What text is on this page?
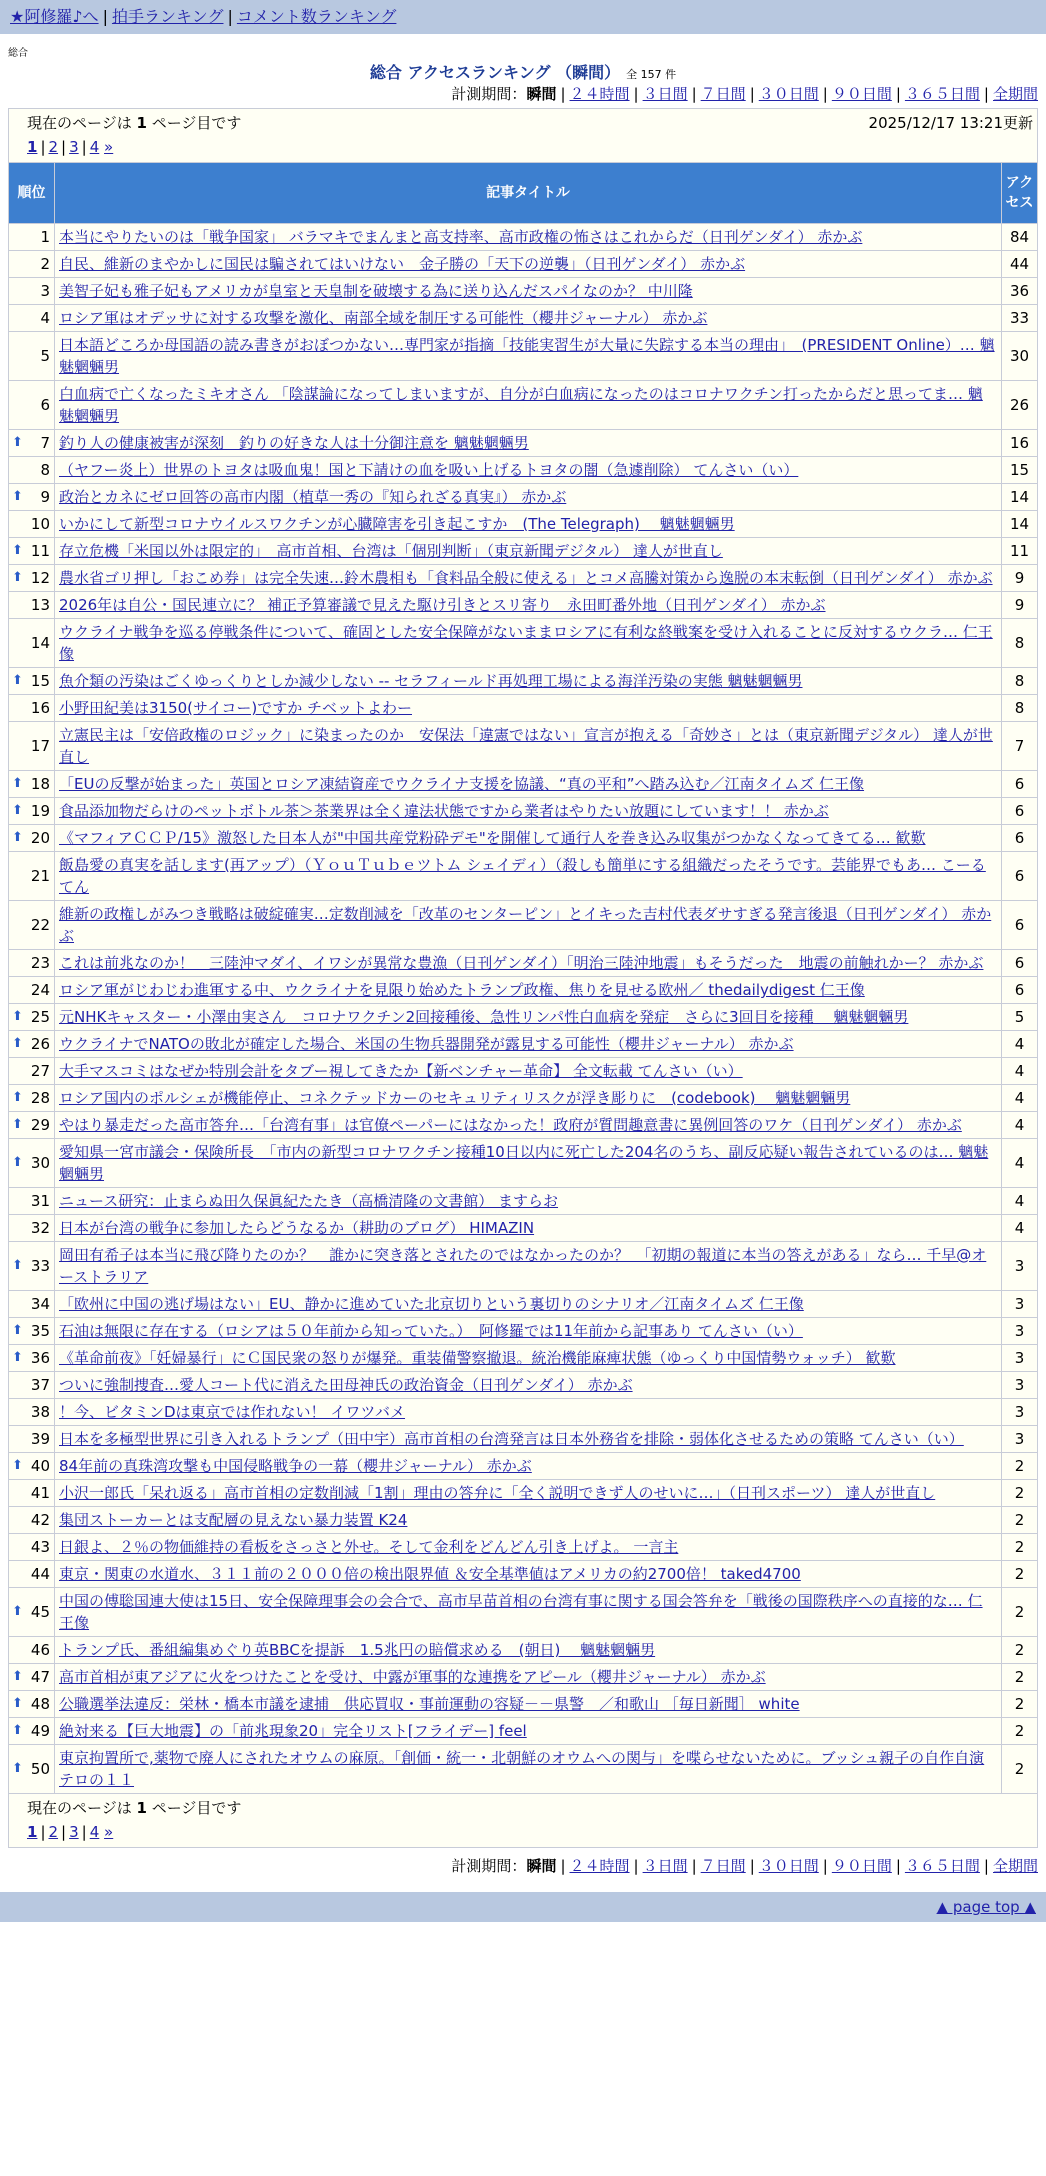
★阿修羅♪へ | 拍手ランキング | コメント数ランキング
総合
総合 アクセスランキング （瞬間） 全 157 件
計測期間：瞬間 | ２４時間 | ３日間 | ７日間 | ３０日間 | ９０日間 | ３６５日間 | 全期間
現在のページは 1 ページ目です	2025/12/17 13:21更新
1 | 2 | 3 | 4 »
順位	記事タイトル	アクセス
1	本当にやりたいのは「戦争国家」 バラマキでまんまと高支持率、高市政権の怖さはこれからだ（日刊ゲンダイ） 赤かぶ	84
2	自民、維新のまやかしに国民は騙されてはいけない　金子勝の「天下の逆襲」（日刊ゲンダイ） 赤かぶ	44
3	美智子妃も雅子妃もアメリカが皇室と天皇制を破壊する為に送り込んだスパイなのか？ 中川隆	36
4	ロシア軍はオデッサに対する攻撃を激化、南部全域を制圧する可能性（櫻井ジャーナル） 赤かぶ	33
5	日本語どころか母国語の読み書きがおぼつかない…専門家が指摘「技能実習生が大量に失踪する本当の理由」　(PRESIDENT Online）… 魑魅魍魎男	30
6	白血病で亡くなったミキオさん 「陰謀論になってしまいますが、自分が白血病になったのはコロナワクチン打ったからだと思ってま… 魑魅魍魎男	26

⬆ 7	釣り人の健康被害が深刻　釣りの好きな人は十分御注意を 魑魅魍魎男	16
8	（ヤフー炎上）世界のトヨタは吸血鬼！国と下請けの血を吸い上げるトヨタの闇（急遽削除） てんさい（い）	15

⬆ 9	政治とカネにゼロ回答の高市内閣（植草一秀の『知られざる真実』） 赤かぶ	14
10	いかにして新型コロナウイルスワクチンが心臓障害を引き起こすか　(The Telegraph)　 魑魅魍魎男	14

⬆ 11	存立危機「米国以外は限定的」　高市首相、台湾は「個別判断」（東京新聞デジタル） 達人が世直し	11

⬆ 12	農水省ゴリ押し「おこめ券」は完全失速…鈴木農相も「食料品全般に使える」とコメ高騰対策から逸脱の本末転倒（日刊ゲンダイ） 赤かぶ	9
13	2026年は自公・国民連立に？ 補正予算審議で見えた駆け引きとスリ寄り　永田町番外地（日刊ゲンダイ） 赤かぶ	9
14	ウクライナ戦争を巡る停戦条件について、確固とした安全保障がないままロシアに有利な終戦案を受け入れることに反対するウクラ… 仁王像	8

⬆ 15	魚介類の汚染はごくゆっくりとしか減少しない -- セラフィールド再処理工場による海洋汚染の実態 魑魅魍魎男	8
16	小野田紀美は3150(サイコー)ですか チベットよわー	8
17	立憲民主は「安倍政権のロジック」に染まったのか　安保法「違憲ではない」宣言が抱える「奇妙さ」とは（東京新聞デジタル） 達人が世直し	7

⬆ 18	「EUの反撃が始まった」英国とロシア凍結資産でウクライナ支援を協議、“真の平和”へ踏み込む／江南タイムズ 仁王像	6

⬆ 19	食品添加物だらけのペットボトル茶＞茶業界は全く違法状態ですから業者はやりたい放題にしています！！ 赤かぶ	6

⬆ 20	《マフィアＣＣＰ/15》激怒した日本人が"中国共産党粉砕デモ"を開催して通行人を巻き込み収集がつかなくなってきてる… 歓歎	6
21	飯島愛の真実を話します(再アップ）（ＹｏｕＴｕｂｅツトム シェイディ）（殺しも簡単にする組織だったそうです。芸能界でもあ… こーるてん	6
22	維新の政権しがみつき戦略は破綻確実…定数削減を「改革のセンターピン」とイキった吉村代表ダサすぎる発言後退（日刊ゲンダイ） 赤かぶ	6
23	これは前兆なのか！　三陸沖マダイ、イワシが異常な豊漁（日刊ゲンダイ）「明治三陸沖地震」もそうだった　地震の前触れかー？ 赤かぶ	6
24	ロシア軍がじわじわ進軍する中、ウクライナを見限り始めたトランプ政権、焦りを見せる欧州／ thedailydigest 仁王像	6

⬆ 25	元NHKキャスター・小澤由実さん　コロナワクチン2回接種後、急性リンパ性白血病を発症　さらに3回目を接種　 魑魅魍魎男	5

⬆ 26	ウクライナでNATOの敗北が確定した場合、米国の生物兵器開発が露見する可能性（櫻井ジャーナル） 赤かぶ	4
27	大手マスコミはなぜか特別会計をタブー視してきたか【新ベンチャー革命】 全文転載 てんさい（い）	4

⬆ 28	ロシア国内のポルシェが機能停止、コネクテッドカーのセキュリティリスクが浮き彫りに　(codebook)　 魑魅魍魎男	4

⬆ 29	やはり暴走だった高市答弁…「台湾有事」は官僚ペーパーにはなかった！政府が質問趣意書に異例回答のワケ（日刊ゲンダイ） 赤かぶ	4

⬆ 30	愛知県一宮市議会・保険所長　「市内の新型コロナワクチン接種10日以内に死亡した204名のうち、副反応疑い報告されているのは… 魑魅魍魎男	4
31	ニュース研究：止まらぬ田久保眞紀たたき（高橋清隆の文書館） ますらお	4
32	日本が台湾の戦争に参加したらどうなるか（耕助のブログ） HIMAZIN	4

⬆ 33	岡田有希子は本当に飛び降りたのか？　誰かに突き落とされたのではなかったのか？　「初期の報道に本当の答えがある」なら… 千早@オーストラリア	3
34	「欧州に中国の逃げ場はない」EU、静かに進めていた北京切りという裏切りのシナリオ／江南タイムズ 仁王像	3

⬆ 35	石油は無限に存在する（ロシアは５０年前から知っていた。）　阿修羅では11年前から記事あり てんさい（い）	3

⬆ 36	《革命前夜》「妊婦暴行」にＣ国民衆の怒りが爆発。重装備警察撤退。統治機能麻痺状態（ゆっくり中国情勢ウォッチ） 歓歎	3
37	ついに強制捜査…愛人コート代に消えた田母神氏の政治資金（日刊ゲンダイ） 赤かぶ	3
38	！今、ビタミンDは東京では作れない！ イワツバメ	3
39	日本を多極型世界に引き入れるトランプ（田中宇）高市首相の台湾発言は日本外務省を排除・弱体化させるための策略 てんさい（い）	3

⬆ 40	84年前の真珠湾攻撃も中国侵略戦争の一幕（櫻井ジャーナル） 赤かぶ	2
41	小沢一郎氏「呆れ返る」高市首相の定数削減「1割」理由の答弁に「全く説明できず人のせいに…」（日刊スポーツ） 達人が世直し	2
42	集団ストーカーとは支配層の見えない暴力装置 K24	2
43	日銀よ、２％の物価維持の看板をさっさと外せ。そして金利をどんどん引き上げよ。 一言主	2
44	東京・関東の水道水、３１１前の２０００倍の検出限界値 ＆安全基準値はアメリカの約2700倍！ taked4700	2

⬆ 45	中国の傅聡国連大使は15日、安全保障理事会の会合で、高市早苗首相の台湾有事に関する国会答弁を「戦後の国際秩序への直接的な… 仁王像	2
46	トランプ氏、番組編集めぐり英BBCを提訴　1.5兆円の賠償求める　(朝日)　 魑魅魍魎男	2

⬆ 47	高市首相が東アジアに火をつけたことを受け、中露が軍事的な連携をアピール（櫻井ジャーナル） 赤かぶ	2

⬆ 48	公職選挙法違反：栄林・橋本市議を逮捕　供応買収・事前運動の容疑－－県警　／和歌山 ［毎日新聞］ white	2

⬆ 49	絶対来る【巨大地震】の「前兆現象20」完全リスト[フライデー] feel	2

⬆ 50	東京拘置所で,薬物で廃人にされたオウムの麻原。「創価・統一・北朝鮮のオウムへの関与」を喋らせないために。ブッシュ親子の自作自演テロの１１	2
現在のページは 1 ページ目です
1 | 2 | 3 | 4 »
計測期間：瞬間 | ２４時間 | ３日間 | ７日間 | ３０日間 | ９０日間 | ３６５日間 | 全期間
▲ page top ▲
